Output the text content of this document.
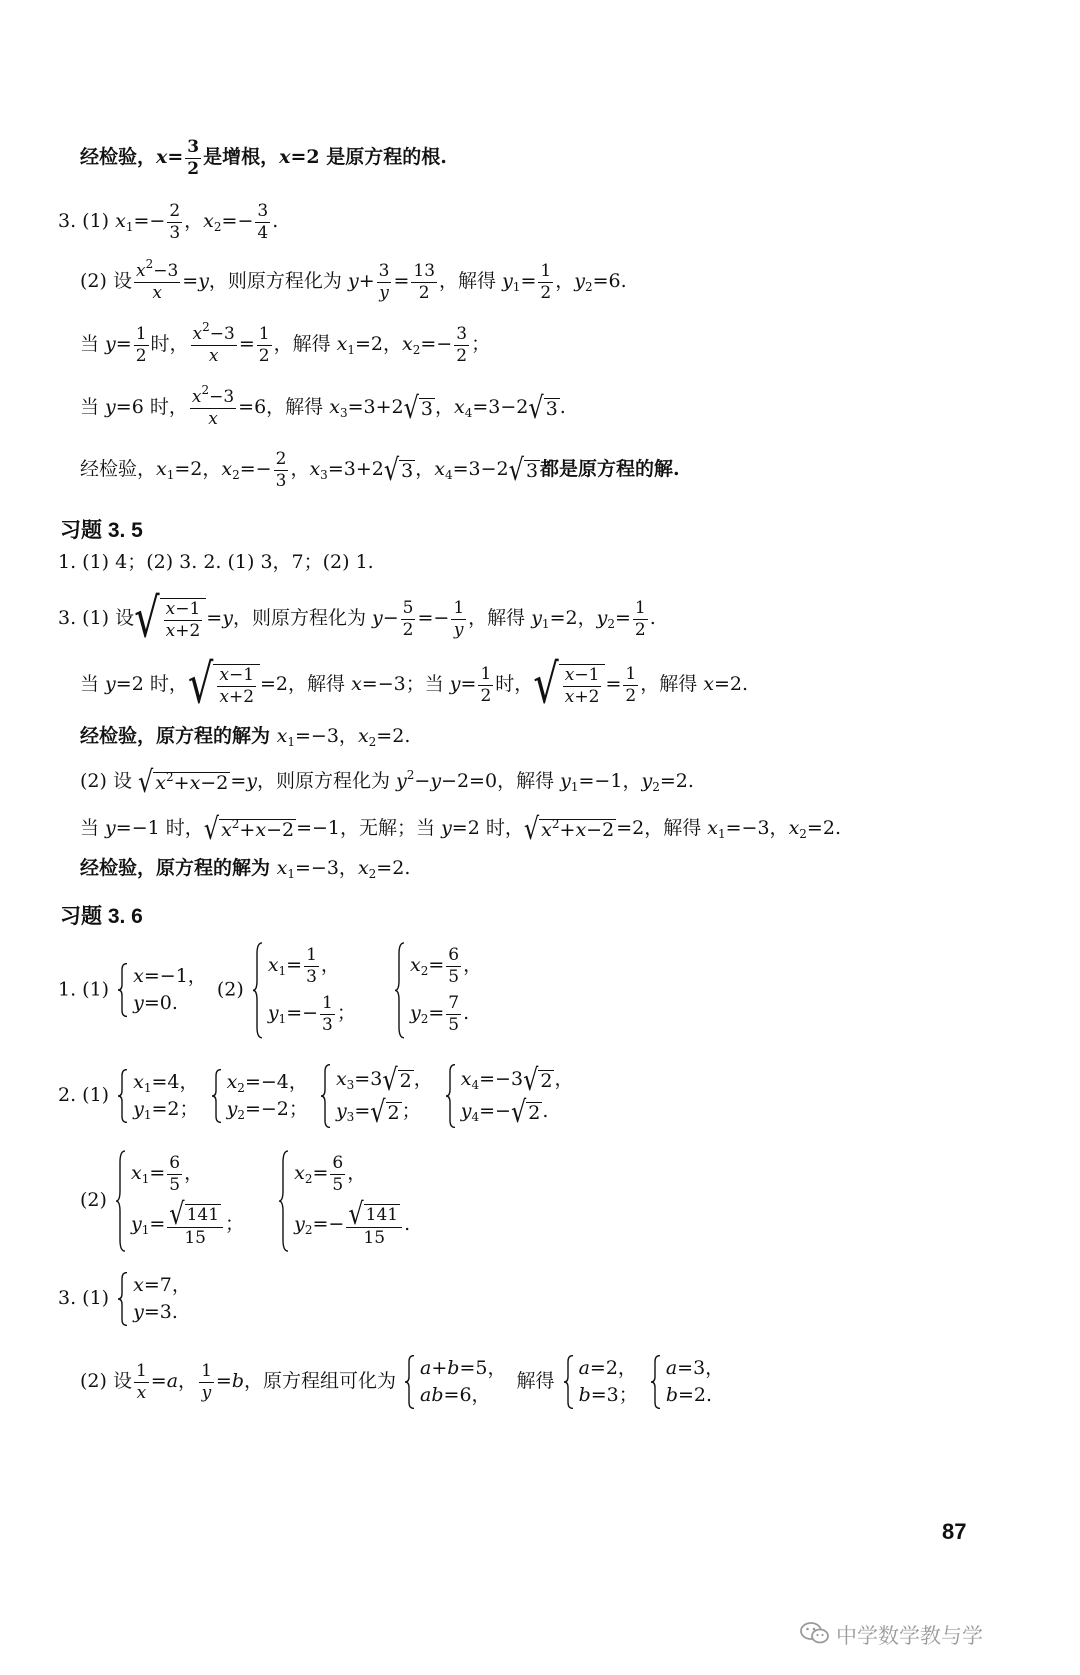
经检验，$x= \frac{3}{2}$ 是增根，x=2 是原方程的根.
3. (1) $x_1=- \frac{2}{3}$ ，$x_2=- \frac{3}{4}$ .
(2) 设 $\frac{x^2-3}{x} =y$，则原方程化为 $y+ \frac{3}{y} = \frac{13}{2}$ ，解得 $y_1= \frac{1}{2}$ ，$y_2=6$.
当 $y= \frac{1}{2}$ 时， $\frac{x^2-3}{x} = \frac{1}{2}$ ，解得 $x_1=2$，$x_2=- \frac{3}{2}$ ；
当 y=6 时， $\frac{x^2-3}{x} =6$，解得 $x_3=3+2√$ 3 ，$x_4=3-2√$ 3 .
经检验，$x_1=2$，$x_2=- \frac{2}{3}$ ，$x_3=3+2√$ 3 ，$x_4=3-2√$ 3 都是原方程的解.
习题 3. 5
1. (1) 4；(2) 3. 2. (1) 3，7；(2) 1.
3. (1) 设√ $\frac{x-1}{x+2} =y$，则原方程化为 $y- \frac{5}{2} =- \frac{1}{y}$ ，解得 $y_1=2$，$y_2= \frac{1}{2}$ .
当 y=2 时，√ $\frac{x-1}{x+2} =2$，解得 x=−3；当 $y= \frac{1}{2}$ 时，√ $\frac{x-1}{x+2} = \frac{1}{2}$ ，解得 x=2.
经检验，原方程的解为 $x_1=-3$，$x_2=2$.
(2) 设 √ $x^2+x-2 =y$，则原方程化为 $y^2-y-2=0$，解得 $y_1=-1$，$y_2=2$.
当 y=−1 时，√ $x^2+x-2 =-1$，无解；当 y=2 时，√ $x^2+x-2 =2$，解得 $x_1=-3$，$x_2=2$.
经检验，原方程的解为 $x_1=-3$，$x_2=2$.
习题 3. 6
1. (1)
x=−1，
y=0.
(2)
$x_1= \frac{1}{3}$ ，
$y_1=- \frac{1}{3}$ ；

$x_2= \frac{6}{5}$ ，
$y_2= \frac{7}{5}$ .
2. (1)
$x_1=4$，
$y_1=2$；

$x_2=-4$，
$y_2=-2$；

$x_3=3√$ 2 ，
$y_3=√$ 2 ；

$x_4=-3√$ 2 ，
$y_4=-√$ 2 .
(2)
$x_1= \frac{6}{5}$ ，
$y_1= \frac{√ 141}{15}$ ；

$x_2= \frac{6}{5}$ ，
$y_2=- \frac{√ 141}{15}$ .
3. (1)
x=7，
y=3.
(2) 设 $\frac{1}{x} =a$， $\frac{1}{y} =b$，原方程组可化为
a+b=5，
ab=6，
解得
a=2，
b=3；

a=3，
b=2.
87
中学数学教与学
